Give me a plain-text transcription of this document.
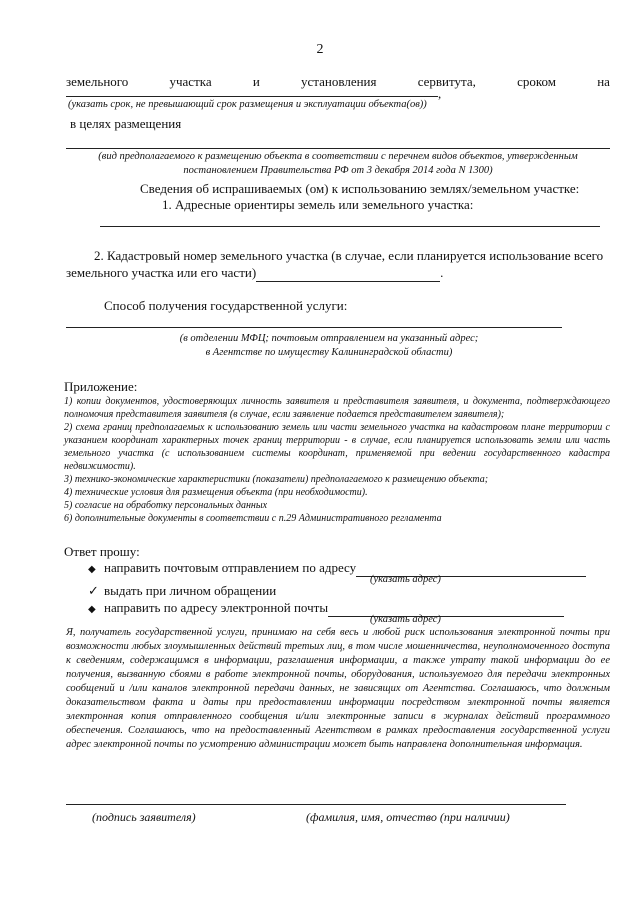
2
земельного	участка	и	установления	сервитута,	сроком	на
,
(указать срок, не превышающий срок размещения и эксплуатации объекта(ов))
в целях размещения
(вид предполагаемого к размещению объекта в соответствии с перечнем видов объектов, утвержденным
постановлением Правительства РФ от 3 декабря 2014 года N 1300)
Сведения об испрашиваемых (ом) к использованию землях/земельном участке:
1. Адресные ориентиры земель или земельного участка:
2. Кадастровый номер земельного участка (в случае, если планируется использование всего
земельного участка или его части)	.
Способ получения государственной услуги:
(в отделении МФЦ; почтовым отправлением на указанный адрес;
в Агентстве по имуществу Калининградской области)
Приложение:
1) копии документов, удостоверяющих личность заявителя и представителя заявителя, и документа, подтверждающего полномочия представителя заявителя (в случае, если заявление подается представителем заявителя);
2) схема границ предполагаемых к использованию земель или части земельного участка на кадастровом плане территории с указанием координат характерных точек границ территории - в случае, если планируется использовать земли или часть земельного участка (с использованием системы координат, применяемой при ведении государственного кадастра недвижимости).
3) технико-экономические характеристики (показатели) предполагаемого к размещению объекта;
4) технические условия для размещения объекта (при необходимости).
5) согласие на обработку персональных данных
6) дополнительные документы в соответствии с п.29 Административного регламента
Ответ прошу:
◆ направить почтовым отправлением по адресу
(указать адрес)
✓ выдать при личном обращении
◆ направить по адресу электронной почты
(указать адрес)
Я, получатель государственной услуги, принимаю на себя весь и любой риск использования электронной почты при возможности любых злоумышленных действий третьих лиц, в том числе мошенничества, неуполномоченного доступа к сведениям, содержащимся в информации, разглашения информации, а также утрату такой информации до ее получения, вызванную сбоями в работе электронной почты, оборудования, используемого для передачи электронных сообщений и /или каналов электронной передачи данных, не зависящих от Агентства. Соглашаюсь, что должным доказательством факта и даты при предоставлении информации посредством электронной почты является электронная копия отправленного сообщения и/или электронные записи в журналах действий программного обеспечения. Соглашаюсь, что на предоставленный Агентством в рамках предоставления государственной услуги адрес электронной почты по усмотрению администрации может быть направлена дополнительная информация.
(подпись заявителя)	(фамилия, имя, отчество (при наличии)
